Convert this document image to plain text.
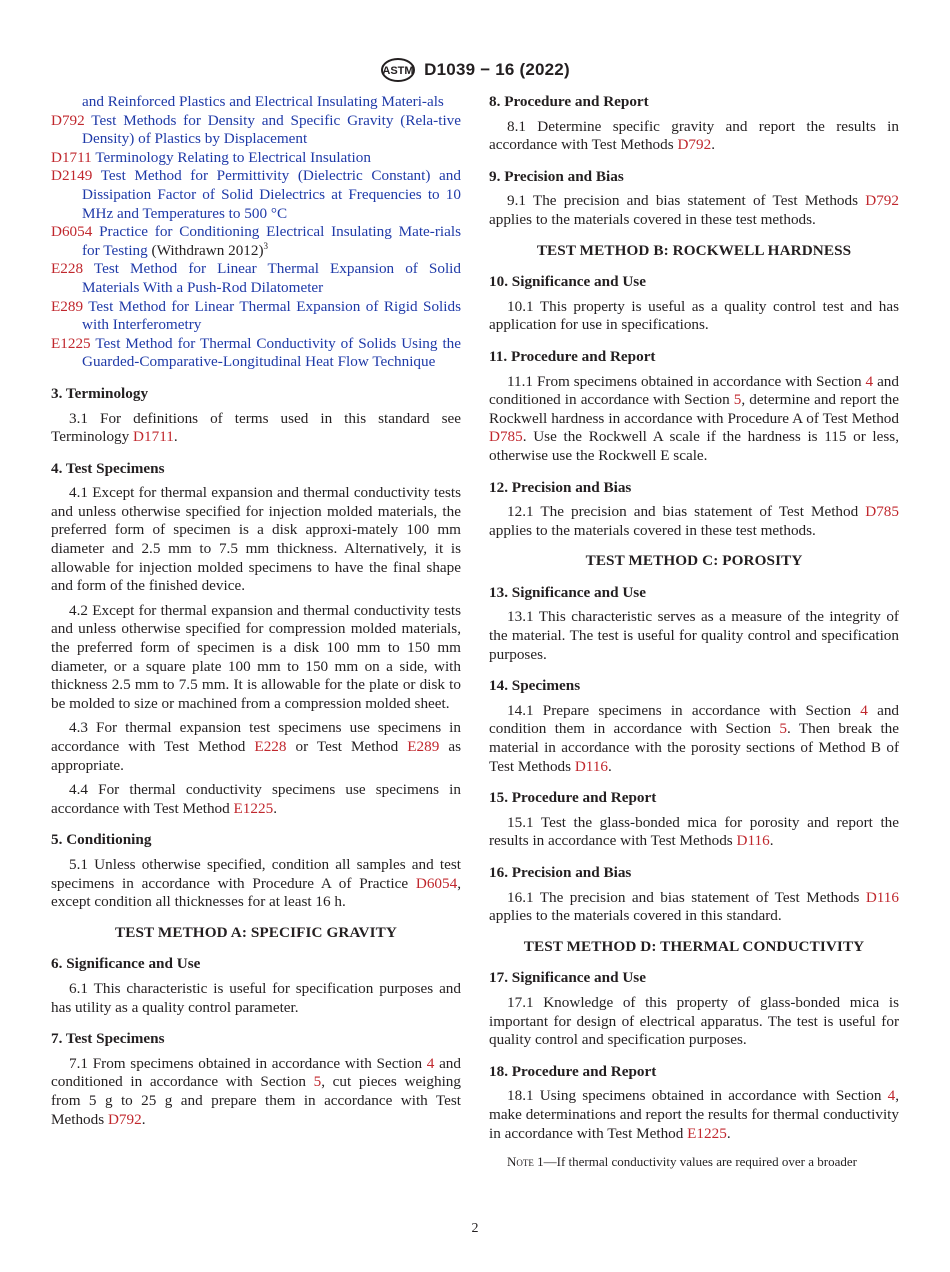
ASTM D1039 − 16 (2022)

and Reinforced Plastics and Electrical Insulating Materi-als

D792 Test Methods for Density and Specific Gravity (Rela-tive Density) of Plastics by Displacement

D1711 Terminology Relating to Electrical Insulation

D2149 Test Method for Permittivity (Dielectric Constant) and Dissipation Factor of Solid Dielectrics at Frequencies to 10 MHz and Temperatures to 500 °C

D6054 Practice for Conditioning Electrical Insulating Mate-rials for Testing (Withdrawn 2012)$^3$

E228 Test Method for Linear Thermal Expansion of Solid Materials With a Push-Rod Dilatometer

E289 Test Method for Linear Thermal Expansion of Rigid Solids with Interferometry

E1225 Test Method for Thermal Conductivity of Solids Using the Guarded-Comparative-Longitudinal Heat Flow Technique

3. Terminology

3.1 For definitions of terms used in this standard see Terminology D1711.

4. Test Specimens

4.1 Except for thermal expansion and thermal conductivity tests and unless otherwise specified for injection molded materials, the preferred form of specimen is a disk approxi-mately 100 mm diameter and 2.5 mm to 7.5 mm thickness. Alternatively, it is allowable for injection molded specimens to have the final shape and form of the finished device.

4.2 Except for thermal expansion and thermal conductivity tests and unless otherwise specified for compression molded materials, the preferred form of specimen is a disk 100 mm to 150 mm diameter, or a square plate 100 mm to 150 mm on a side, with thickness 2.5 mm to 7.5 mm. It is allowable for the plate or disk to be molded to size or machined from a compression molded sheet.

4.3 For thermal expansion test specimens use specimens in accordance with Test Method E228 or Test Method E289 as appropriate.

4.4 For thermal conductivity specimens use specimens in accordance with Test Method E1225.

5. Conditioning

5.1 Unless otherwise specified, condition all samples and test specimens in accordance with Procedure A of Practice D6054, except condition all thicknesses for at least 16 h.

TEST METHOD A: SPECIFIC GRAVITY
6. Significance and Use

6.1 This characteristic is useful for specification purposes and has utility as a quality control parameter.

7. Test Specimens

7.1 From specimens obtained in accordance with Section 4 and conditioned in accordance with Section 5, cut pieces weighing from 5 g to 25 g and prepare them in accordance with Test Methods D792.

8. Procedure and Report

8.1 Determine specific gravity and report the results in accordance with Test Methods D792.

9. Precision and Bias

9.1 The precision and bias statement of Test Methods D792 applies to the materials covered in these test methods.

TEST METHOD B: ROCKWELL HARDNESS
10. Significance and Use

10.1 This property is useful as a quality control test and has application for use in specifications.

11. Procedure and Report

11.1 From specimens obtained in accordance with Section 4 and conditioned in accordance with Section 5, determine and report the Rockwell hardness in accordance with Procedure A of Test Method D785. Use the Rockwell A scale if the hardness is 115 or less, otherwise use the Rockwell E scale.

12. Precision and Bias

12.1 The precision and bias statement of Test Method D785 applies to the materials covered in these test methods.

TEST METHOD C: POROSITY
13. Significance and Use

13.1 This characteristic serves as a measure of the integrity of the material. The test is useful for quality control and specification purposes.

14. Specimens

14.1 Prepare specimens in accordance with Section 4 and condition them in accordance with Section 5. Then break the material in accordance with the porosity sections of Method B of Test Methods D116.

15. Procedure and Report

15.1 Test the glass-bonded mica for porosity and report the results in accordance with Test Methods D116.

16. Precision and Bias

16.1 The precision and bias statement of Test Methods D116 applies to the materials covered in this standard.

TEST METHOD D: THERMAL CONDUCTIVITY
17. Significance and Use

17.1 Knowledge of this property of glass-bonded mica is important for design of electrical apparatus. The test is useful for quality control and specification purposes.

18. Procedure and Report

18.1 Using specimens obtained in accordance with Section 4, make determinations and report the results for thermal conductivity in accordance with Test Method E1225.

Note 1—If thermal conductivity values are required over a broader

2
